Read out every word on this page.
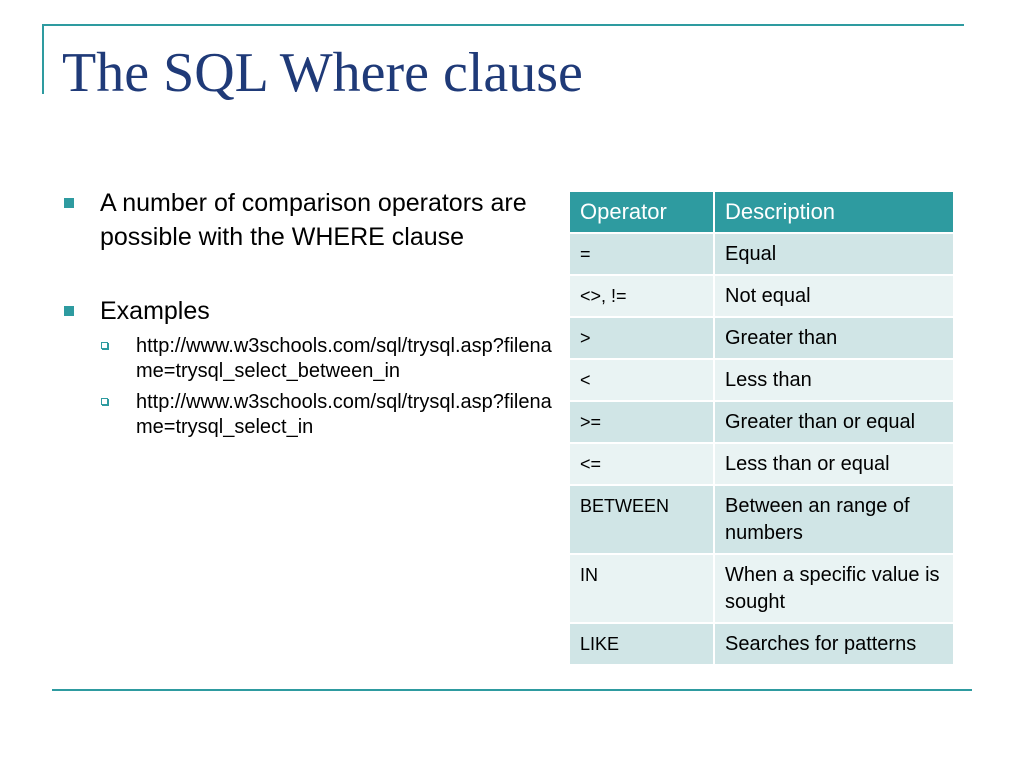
The SQL Where clause
A number of comparison operators are possible with the WHERE clause
Examples
http://www.w3schools.com/sql/trysql.asp?filename=trysql_select_between_in
http://www.w3schools.com/sql/trysql.asp?filename=trysql_select_in
Operator	Description
=	Equal
<>, !=	Not equal
>	Greater than
<	Less than
>=	Greater than or equal
<=	Less than or equal
BETWEEN	Between an range of numbers
IN	When a specific value is sought
LIKE	Searches for patterns
